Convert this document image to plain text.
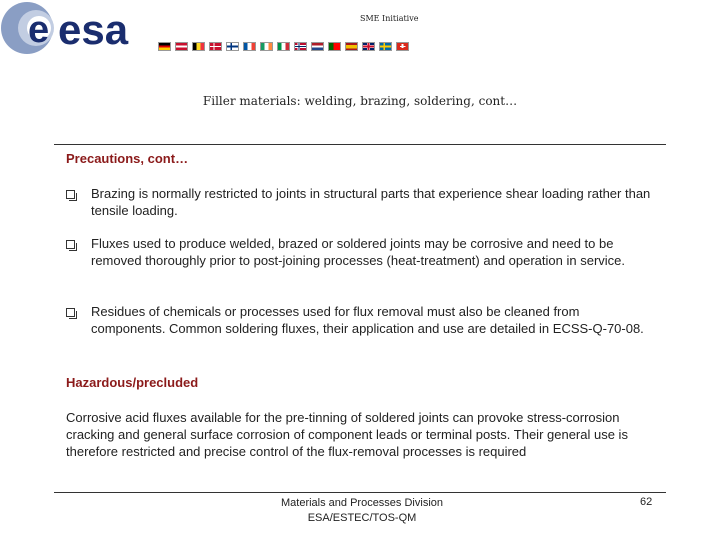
e esa	SME Initiative
Filler materials: welding, brazing, soldering, cont…
Precautions, cont…
Brazing is normally restricted to joints in structural parts that experience shear loading rather than tensile loading.
Fluxes used to produce welded, brazed or soldered joints may be corrosive and need to be removed thoroughly prior to post-joining processes (heat-treatment) and operation in service.
Residues of chemicals or processes used for flux removal must also be cleaned from components. Common soldering fluxes, their application and use are detailed in ECSS-Q-70-08.
Hazardous/precluded
Corrosive acid fluxes available for the pre-tinning of soldered joints can provoke stress-corrosion cracking and general surface corrosion of component leads or terminal posts. Their general use is therefore restricted and precise control of the flux-removal processes is required
Materials and Processes Division
ESA/ESTEC/TOS-QM
62
